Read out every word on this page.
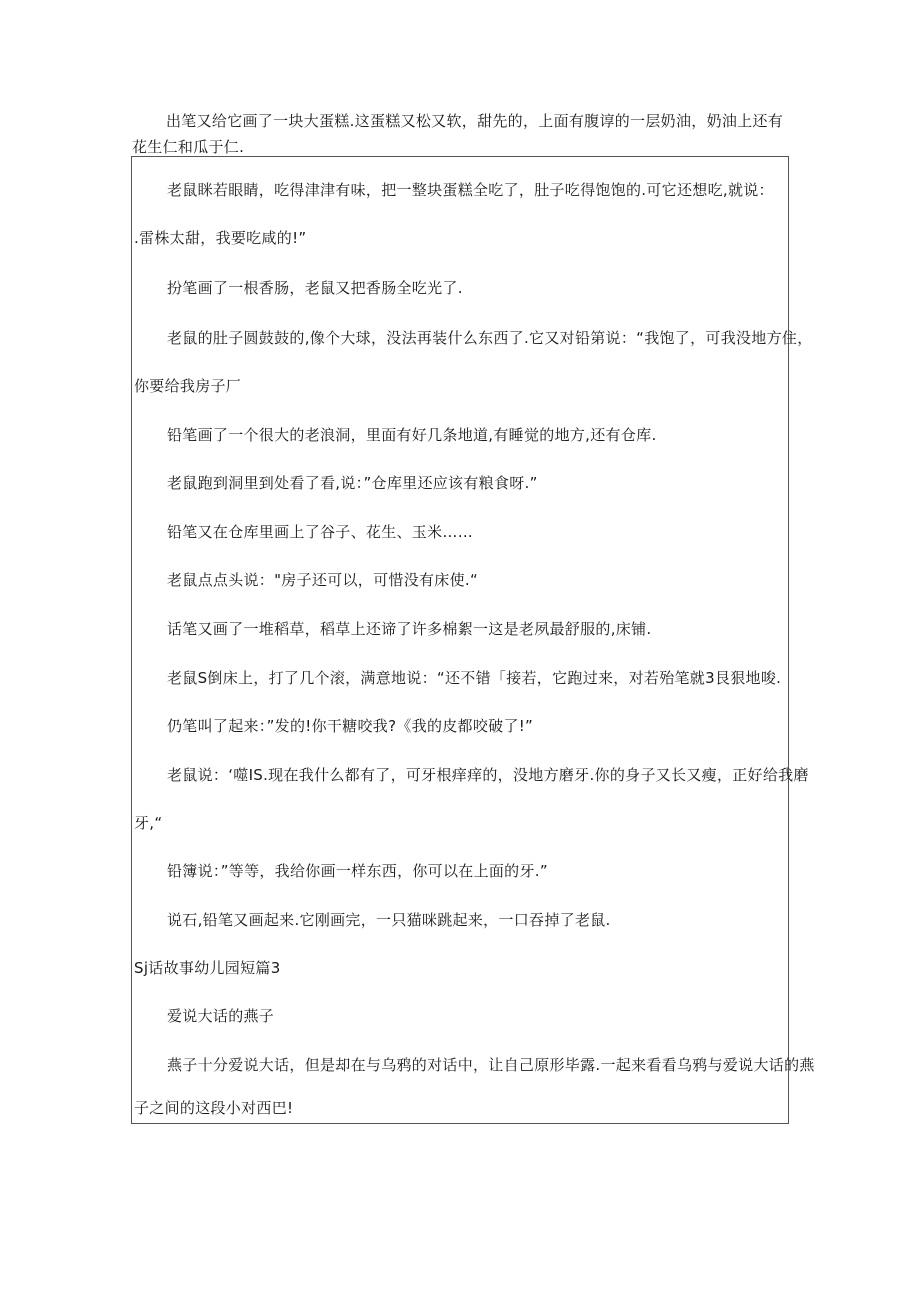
出笔又给它画了一块大蛋糕.这蛋糕又松又软，甜先的，上面有腹谆的一层奶油，奶油上还有花生仁和瓜于仁.

老鼠眯若眼睛，吃得津津有味，把一整块蛋糕全吃了，肚子吃得饱饱的.可它还想吃,就说：
.雷株太甜，我要吃咸的!”
扮笔画了一根香肠，老鼠又把香肠全吃光了.
老鼠的肚子圆鼓鼓的,像个大球，没法再装什么东西了.它又对铅第说：“我饱了，可我没地方住，
你要给我房子厂
铅笔画了一个很大的老浪洞，里面有好几条地道,有睡觉的地方,还有仓库.
老鼠跑到洞里到处看了看,说：”仓库里还应该有粮食呀.”
铅笔又在仓库里画上了谷子、花生、玉米……
老鼠点点头说："房子还可以，可惜没有床使.“
话笔又画了一堆稻草，稻草上还谛了许多棉絮一这是老夙最舒服的,床铺.
老鼠S倒床上，打了几个滚，满意地说：“还不错「接若，它跑过来，对若殆笔就3艮狠地唆.
仍笔叫了起来：”发的!你干糖咬我?《我的皮都咬破了!”
老鼠说：‘噬IS.现在我什么都有了，可牙根痒痒的，没地方磨牙.你的身子又长又瘦，正好给我磨
牙,“
铅簿说：”等等，我给你画一样东西，你可以在上面的牙.”
说石,铅笔又画起来.它刚画完，一只猫咪跳起来，一口吞掉了老鼠.
Sj话故事幼儿园短篇3
爱说大话的燕子
燕子十分爱说大话，但是却在与乌鸦的对话中，让自己原形毕露.一起来看看乌鸦与爱说大话的燕
子之间的这段小对西巴!
